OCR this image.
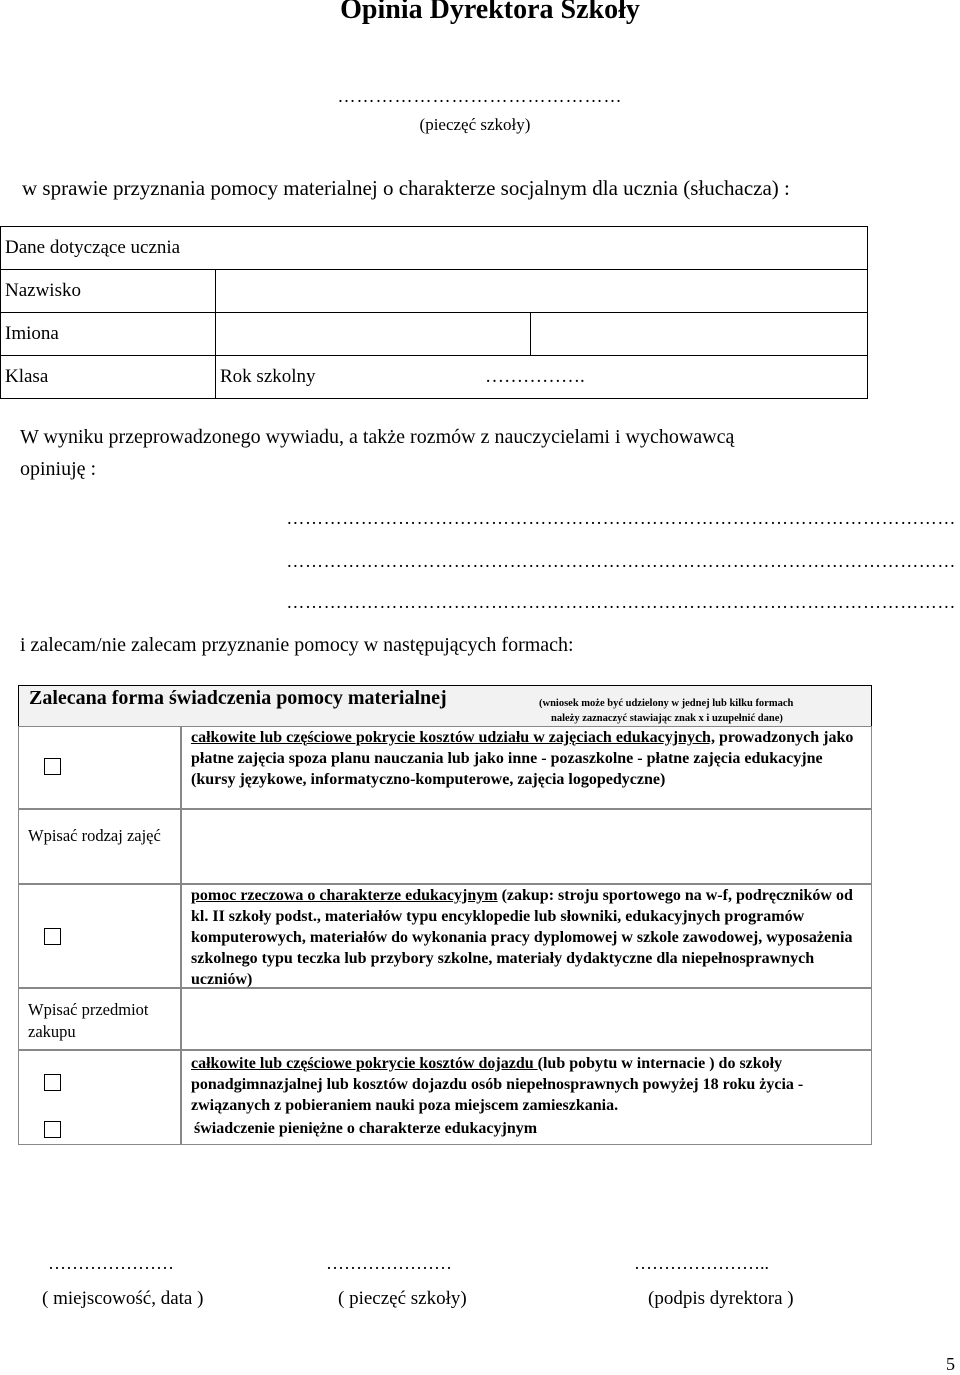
Opinia Dyrektora Szkoły
………………………………………
(pieczęć szkoły)
w sprawie przyznania pomocy materialnej o charakterze socjalnym dla ucznia (słuchacza) :
Dane dotyczące ucznia		
Nazwisko		
Imiona		
Klasa	Rok szkolny …………….	
W wyniku przeprowadzonego wywiadu, a także rozmów z nauczycielami i wychowawcą
opiniuję :
………………………………………………………………………………………………
………………………………………………………………………………………………
………………………………………………………………………………………………
i zalecam/nie zalecam przyznanie pomocy w następujących formach:
Zalecana forma świadczenia pomocy materialnej	(wniosek może być udzielony w jednej lub kilku formach
należy zaznaczyć stawiając znak x i uzupełnić dane)
całkowite lub częściowe pokrycie kosztów udziału w zajęciach edukacyjnych, prowadzonych jako płatne zajęcia spoza planu nauczania lub jako inne - pozaszkolne - płatne zajęcia edukacyjne (kursy językowe, informatyczno-komputerowe, zajęcia logopedyczne)
Wpisać rodzaj zajęć
pomoc rzeczowa o charakterze edukacyjnym (zakup: stroju sportowego na w-f, podręczników od kl. II szkoły podst., materiałów typu encyklopedie lub słowniki, edukacyjnych programów komputerowych, materiałów do wykonania pracy dyplomowej w szkole zawodowej, wyposażenia szkolnego typu teczka lub przybory szkolne, materiały dydaktyczne dla niepełnosprawnych uczniów)
Wpisać przedmiot zakupu
całkowite lub częściowe pokrycie kosztów dojazdu (lub pobytu w internacie ) do szkoły ponadgimnazjalnej lub kosztów dojazdu osób niepełnosprawnych powyżej 18 roku życia - związanych z pobieraniem nauki poza miejscem zamieszkania.
świadczenie pieniężne o charakterze edukacyjnym
…………………	…………………	…………………..
( miejscowość, data )	( pieczęć szkoły)	(podpis dyrektora )
5
